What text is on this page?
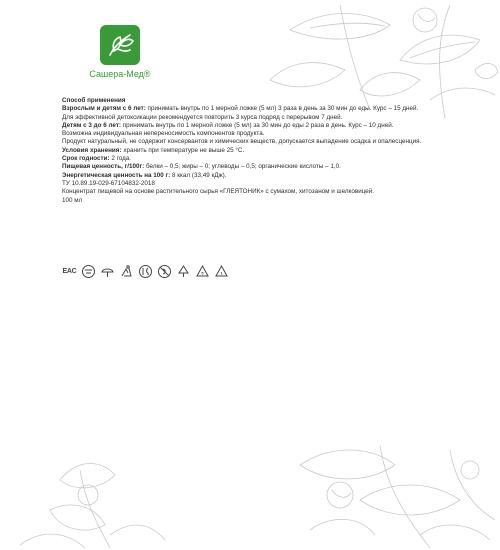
Сашера-Мед®

Способ применения

Взрослым и детям с 6 лет: принимать внутрь по 1 мерной ложке (5 мл) 3 раза в день за 30 мин до еды. Курс – 15 дней.

Для эффективной детоксикации рекомендуется повторить 3 курса подряд с перерывом 7 дней.

Детям с 3 до 6 лет: принимать внутрь по 1 мерной ложке (5 мл) за 30 мин до еды 2 раза в день. Курс – 10 дней.

Возможна индивидуальная непереносимость компонентов продукта.

Продукт натуральный, не содержит консервантов и химических веществ, допускается выпадение осадка и опалесценция.

Условия хранения: хранить при температуре не выше 25 °С.

Срок годности: 2 года.

Пищевая ценность, г/100г: белки – 0,5; жиры – 0; углеводы – 0,5; органические кислоты – 1,0.

Энергетическая ценность на 100 г: 8 ккал (33,49 кДж).

ТУ 10.89.19-029-67104832-2018

Концентрат пищевой на основе растительного сырья «ГЛЕЯТОНИК» с сумахом, хитозаном и шелковицей.

100 мл

EAC	5	1
